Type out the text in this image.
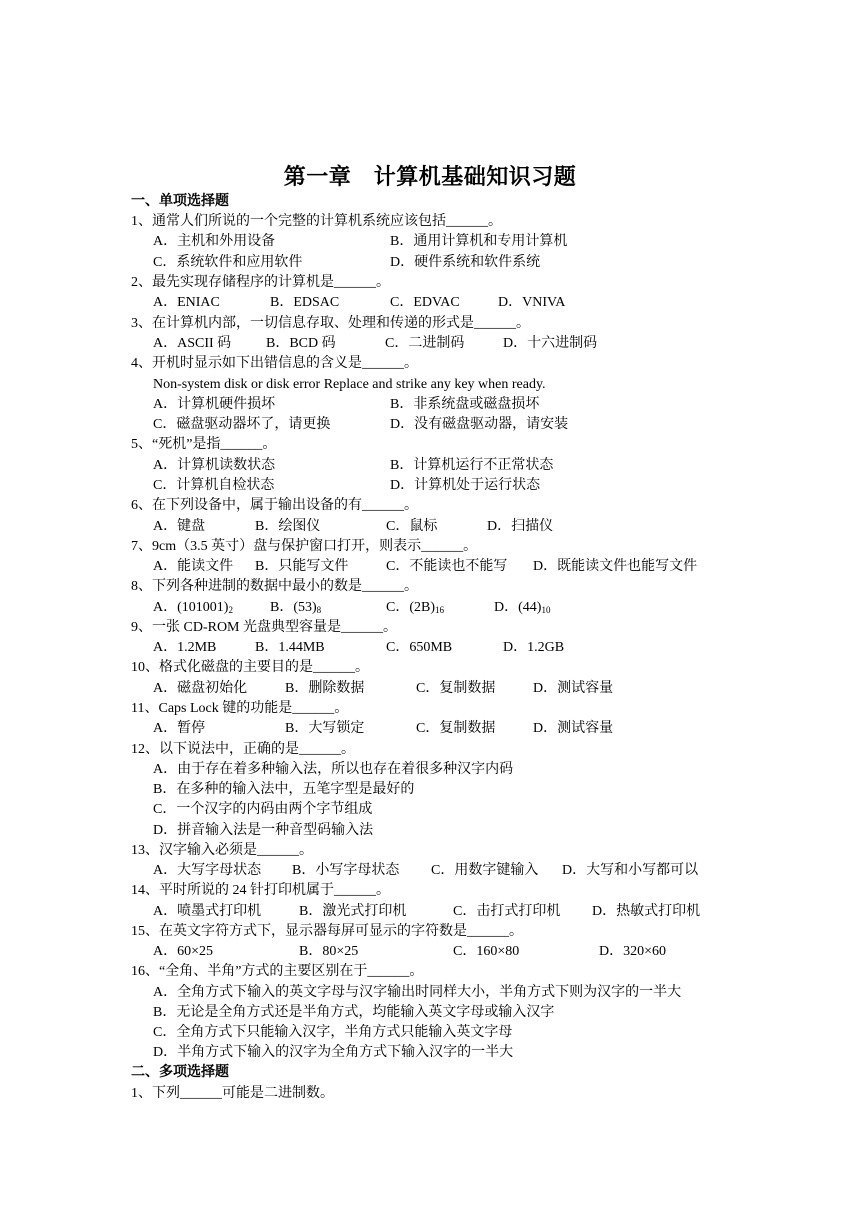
第一章　计算机基础知识习题
一、单项选择题
1、通常人们所说的一个完整的计算机系统应该包括______。
A．主机和外用设备	B．通用计算机和专用计算机
C．系统软件和应用软件	D．硬件系统和软件系统
2、最先实现存储程序的计算机是______。
A．ENIAC	B．EDSAC	C．EDVAC	D．VNIVA
3、在计算机内部，一切信息存取、处理和传递的形式是______。
A．ASCII 码 B．BCD 码	C．二进制码	D．十六进制码
4、开机时显示如下出错信息的含义是______。
Non-system disk or disk error Replace and strike any key when ready.
A．计算机硬件损坏	B．非系统盘或磁盘损坏
C．磁盘驱动器坏了，请更换	D．没有磁盘驱动器，请安装
5、“死机”是指______。
A．计算机读数状态	B．计算机运行不正常状态
C．计算机自检状态	D．计算机处于运行状态
6、在下列设备中，属于输出设备的有______。
A．键盘	B．绘图仪	C．鼠标	D．扫描仪
7、9cm（3.5 英寸）盘与保护窗口打开，则表示______。
A．能读文件 B．只能写文件	C．不能读也不能写 D．既能读文件也能写文件
8、下列各种进制的数据中最小的数是______。
A．$(101001)_2$	B．$(53)_8$	C．$(2B)_{16}$	D．$(44)_{10}$
9、一张 CD-ROM 光盘典型容量是______。
A．1.2MB	B．1.44MB	C．650MB	D．1.2GB
10、格式化磁盘的主要目的是______。
A．磁盘初始化	B．删除数据	C．复制数据	D．测试容量
11、Caps Lock 键的功能是______。
A．暂停	B．大写锁定	C．复制数据	D．测试容量
12、以下说法中，正确的是______。
A．由于存在着多种输入法，所以也存在着很多种汉字内码
B．在多种的输入法中，五笔字型是最好的
C．一个汉字的内码由两个字节组成
D．拼音输入法是一种音型码输入法
13、汉字输入必须是______。
A．大写字母状态 B．小写字母状态 C．用数字键输入 D．大写和小写都可以
14、平时所说的 24 针打印机属于______。
A．喷墨式打印机	B．激光式打印机	C．击打式打印机 D．热敏式打印机
15、在英文字符方式下，显示器每屏可显示的字符数是______。
A．60×25	B．80×25	C．160×80	D．320×60
16、“全角、半角”方式的主要区别在于______。
A．全角方式下输入的英文字母与汉字输出时同样大小，半角方式下则为汉字的一半大
B．无论是全角方式还是半角方式，均能输入英文字母或输入汉字
C．全角方式下只能输入汉字，半角方式只能输入英文字母
D．半角方式下输入的汉字为全角方式下输入汉字的一半大
二、多项选择题
1、下列______可能是二进制数。
